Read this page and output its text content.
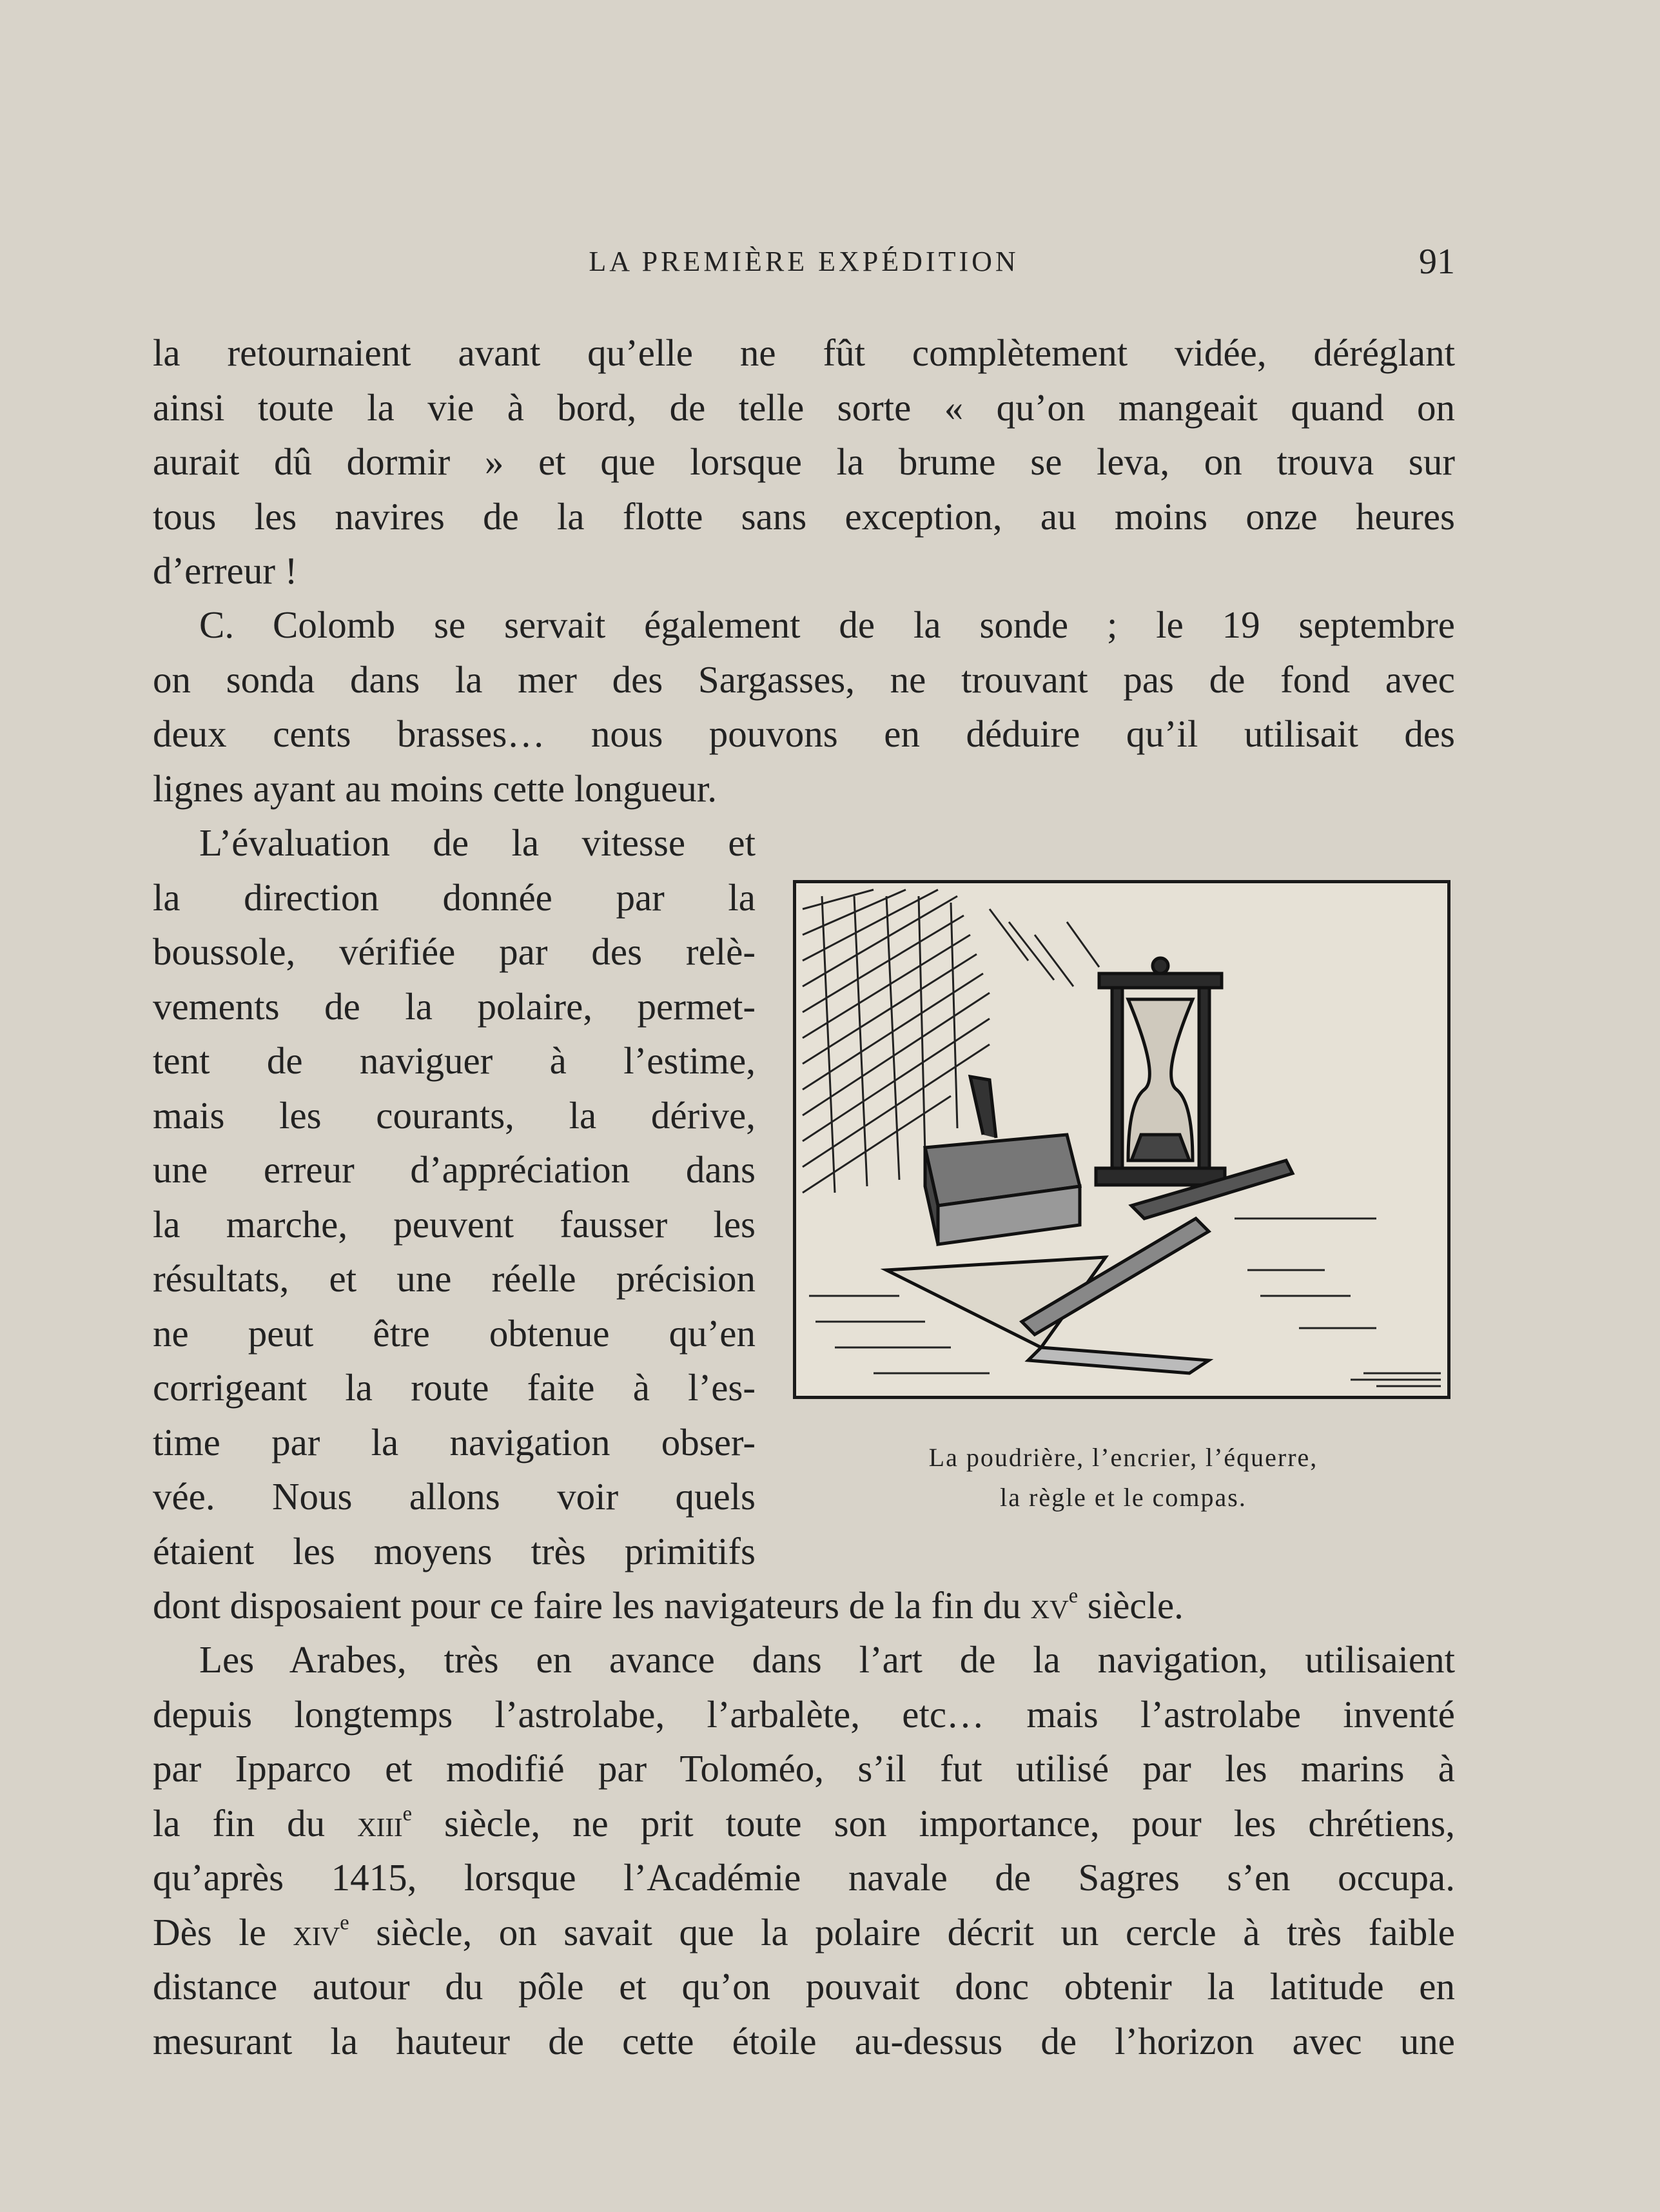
LA PREMIÈRE EXPÉDITION	91
la retournaient avant qu’elle ne fût complètement vidée, déréglant
ainsi toute la vie à bord, de telle sorte « qu’on mangeait quand on
aurait dû dormir » et que lorsque la brume se leva, on trouva sur
tous les navires de la flotte sans exception, au moins onze heures
d’erreur !
C. Colomb se servait également de la sonde ; le 19 septembre
on sonda dans la mer des Sargasses, ne trouvant pas de fond avec
deux cents brasses… nous pouvons en déduire qu’il utilisait des
lignes ayant au moins cette longueur.
L’évaluation de la vitesse et
la direction donnée par la
boussole, vérifiée par des relè-
vements de la polaire, permet-
tent de naviguer à l’estime,
mais les courants, la dérive,
une erreur d’appréciation dans
la marche, peuvent fausser les
résultats, et une réelle précision
ne peut être obtenue qu’en
corrigeant la route faite à l’es-
time par la navigation obser-
vée. Nous allons voir quels
étaient les moyens très primitifs
dont disposaient pour ce faire les navigateurs de la fin du $xv^e$ siècle.
Les Arabes, très en avance dans l’art de la navigation, utilisaient
depuis longtemps l’astrolabe, l’arbalète, etc… mais l’astrolabe inventé
par Ipparco et modifié par Toloméo, s’il fut utilisé par les marins à
la fin du xiii$^e$ siècle, ne prit toute son importance, pour les chrétiens,
qu’après 1415, lorsque l’Académie navale de Sagres s’en occupa.
Dès le xiv$^e$ siècle, on savait que la polaire décrit un cercle à très faible
distance autour du pôle et qu’on pouvait donc obtenir la latitude en
mesurant la hauteur de cette étoile au-dessus de l’horizon avec une
La poudrière, l’encrier, l’équerre,
la règle et le compas.
